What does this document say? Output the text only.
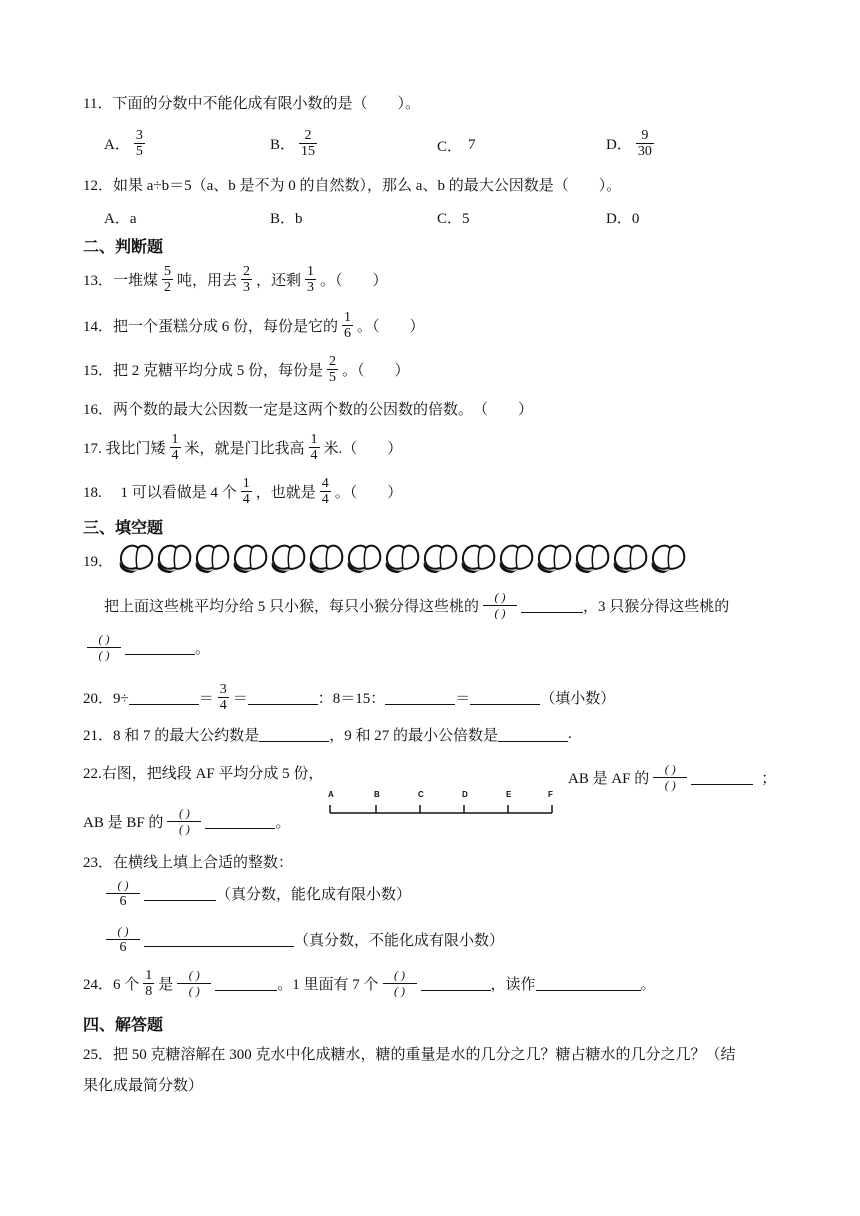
11．下面的分数中不能化成有限小数的是（　　）。
A． $\frac{3}{5}$	B． $\frac{2}{15}$	C． 7	D． $\frac{9}{30}$
12．如果 a÷b＝5（a、b 是不为 0 的自然数），那么 a、b 的最大公因数是（　　）。
A．a	B．b	C．5	D．0
二、判断题
13．一堆煤 $\frac{5}{2}$ 吨，用去 $\frac{2}{3}$ ，还剩 $\frac{1}{3}$ 。（　　）
14．把一个蛋糕分成 6 份，每份是它的 $\frac{1}{6}$ 。（　　）
15．把 2 克糖平均分成 5 份，每份是 $\frac{2}{5}$ 。（　　）
16．两个数的最大公因数一定是这两个数的公因数的倍数。　（　　）
17. 我比门矮 $\frac{1}{4}$ 米，就是门比我高 $\frac{1}{4}$ 米.（　　）
18.　 1 可以看做是 4 个 $\frac{1}{4}$ ，也就是 $\frac{4}{4}$ 。（　　）
三、填空题
19．
把上面这些桃平均分给 5 只小猴，每只小猴分得这些桃的 $\frac{( )}{( )}$	，3 只猴分得这些桃的
$\frac{( )}{( )}$	。
20．9÷	＝ $\frac{3}{4}$ ＝	：8＝15：	＝	（填小数）
21．8 和 7 的最大公约数是	，9 和 27 的最小公倍数是	.
22.右图，把线段 AF 平均分成 5 份，
A	B	C	D	E	F
AB 是 AF 的 $\frac{( )}{( )}$	；
AB 是 BF 的 $\frac{( )}{( )}$	。
23．在横线上填上合适的整数：
$\frac{( )}{6}$	（真分数，能化成有限小数）
$\frac{( )}{6}$	（真分数，不能化成有限小数）
24．6 个 $\frac{1}{8}$ 是 $\frac{( )}{( )}$	。1 里面有 7 个 $\frac{( )}{( )}$	，读作	。
四、解答题
25．把 50 克糖溶解在 300 克水中化成糖水，糖的重量是水的几分之几？糖占糖水的几分之几？（结
果化成最简分数）
